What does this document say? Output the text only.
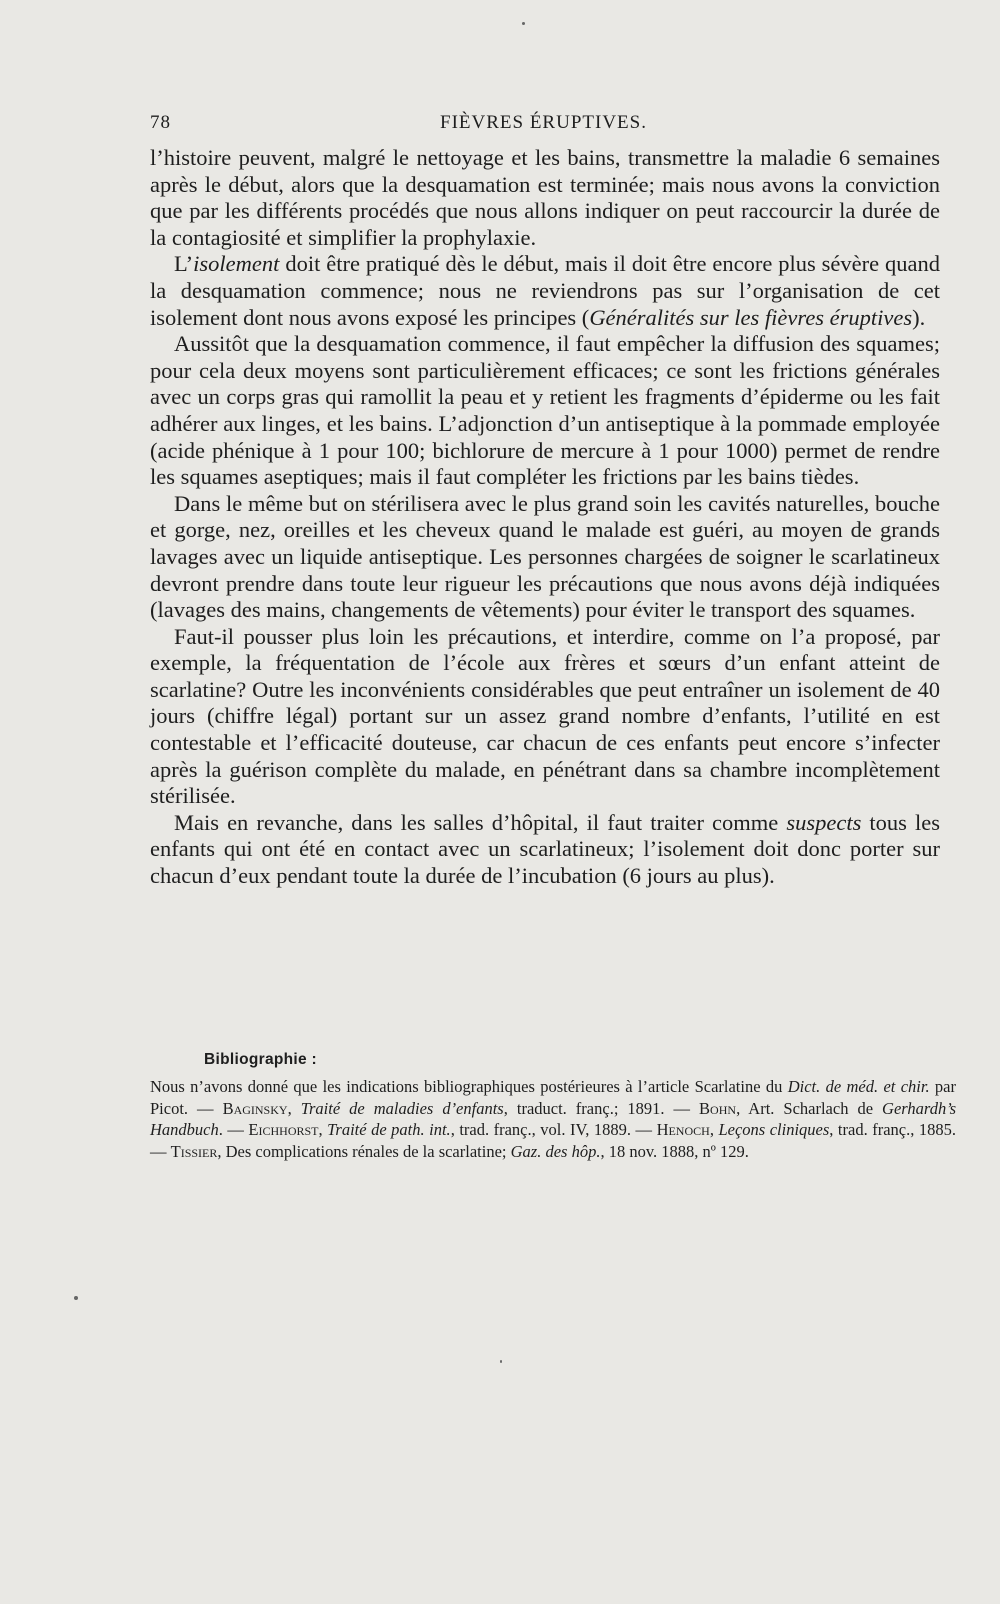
78	FIÈVRES ÉRUPTIVES.

l’histoire peuvent, malgré le nettoyage et les bains, transmettre la maladie 6 semaines après le début, alors que la desquamation est terminée; mais nous avons la conviction que par les différents procédés que nous allons indiquer on peut raccourcir la durée de la contagiosité et simplifier la prophylaxie.

L’isolement doit être pratiqué dès le début, mais il doit être encore plus sévère quand la desquamation commence; nous ne reviendrons pas sur l’organisation de cet isolement dont nous avons exposé les principes (Généralités sur les fièvres éruptives).

Aussitôt que la desquamation commence, il faut empêcher la diffusion des squames; pour cela deux moyens sont particulièrement efficaces; ce sont les frictions générales avec un corps gras qui ramollit la peau et y retient les fragments d’épiderme ou les fait adhérer aux linges, et les bains. L’adjonction d’un antiseptique à la pommade employée (acide phénique à 1 pour 100; bichlorure de mercure à 1 pour 1000) permet de rendre les squames aseptiques; mais il faut compléter les frictions par les bains tièdes.

Dans le même but on stérilisera avec le plus grand soin les cavités naturelles, bouche et gorge, nez, oreilles et les cheveux quand le malade est guéri, au moyen de grands lavages avec un liquide antiseptique. Les personnes chargées de soigner le scarlatineux devront prendre dans toute leur rigueur les précautions que nous avons déjà indiquées (lavages des mains, changements de vêtements) pour éviter le transport des squames.

Faut-il pousser plus loin les précautions, et interdire, comme on l’a proposé, par exemple, la fréquentation de l’école aux frères et sœurs d’un enfant atteint de scarlatine? Outre les inconvénients considérables que peut entraîner un isolement de 40 jours (chiffre légal) portant sur un assez grand nombre d’enfants, l’utilité en est contestable et l’efficacité douteuse, car chacun de ces enfants peut encore s’infecter après la guérison complète du malade, en pénétrant dans sa chambre incomplètement stérilisée.

Mais en revanche, dans les salles d’hôpital, il faut traiter comme suspects tous les enfants qui ont été en contact avec un scarlatineux; l’isolement doit donc porter sur chacun d’eux pendant toute la durée de l’incubation (6 jours au plus).

Bibliographie :

Nous n’avons donné que les indications bibliographiques postérieures à l’article Scarlatine du Dict. de méd. et chir. par Picot. — Baginsky, Traité de maladies d’enfants, traduct. franç.; 1891. — Bohn, Art. Scharlach de Gerhardh’s Handbuch. — Eichhorst, Traité de path. int., trad. franç., vol. IV, 1889. — Henoch, Leçons cliniques, trad. franç., 1885. — Tissier, Des complications rénales de la scarlatine; Gaz. des hôp., 18 nov. 1888, nº 129.
